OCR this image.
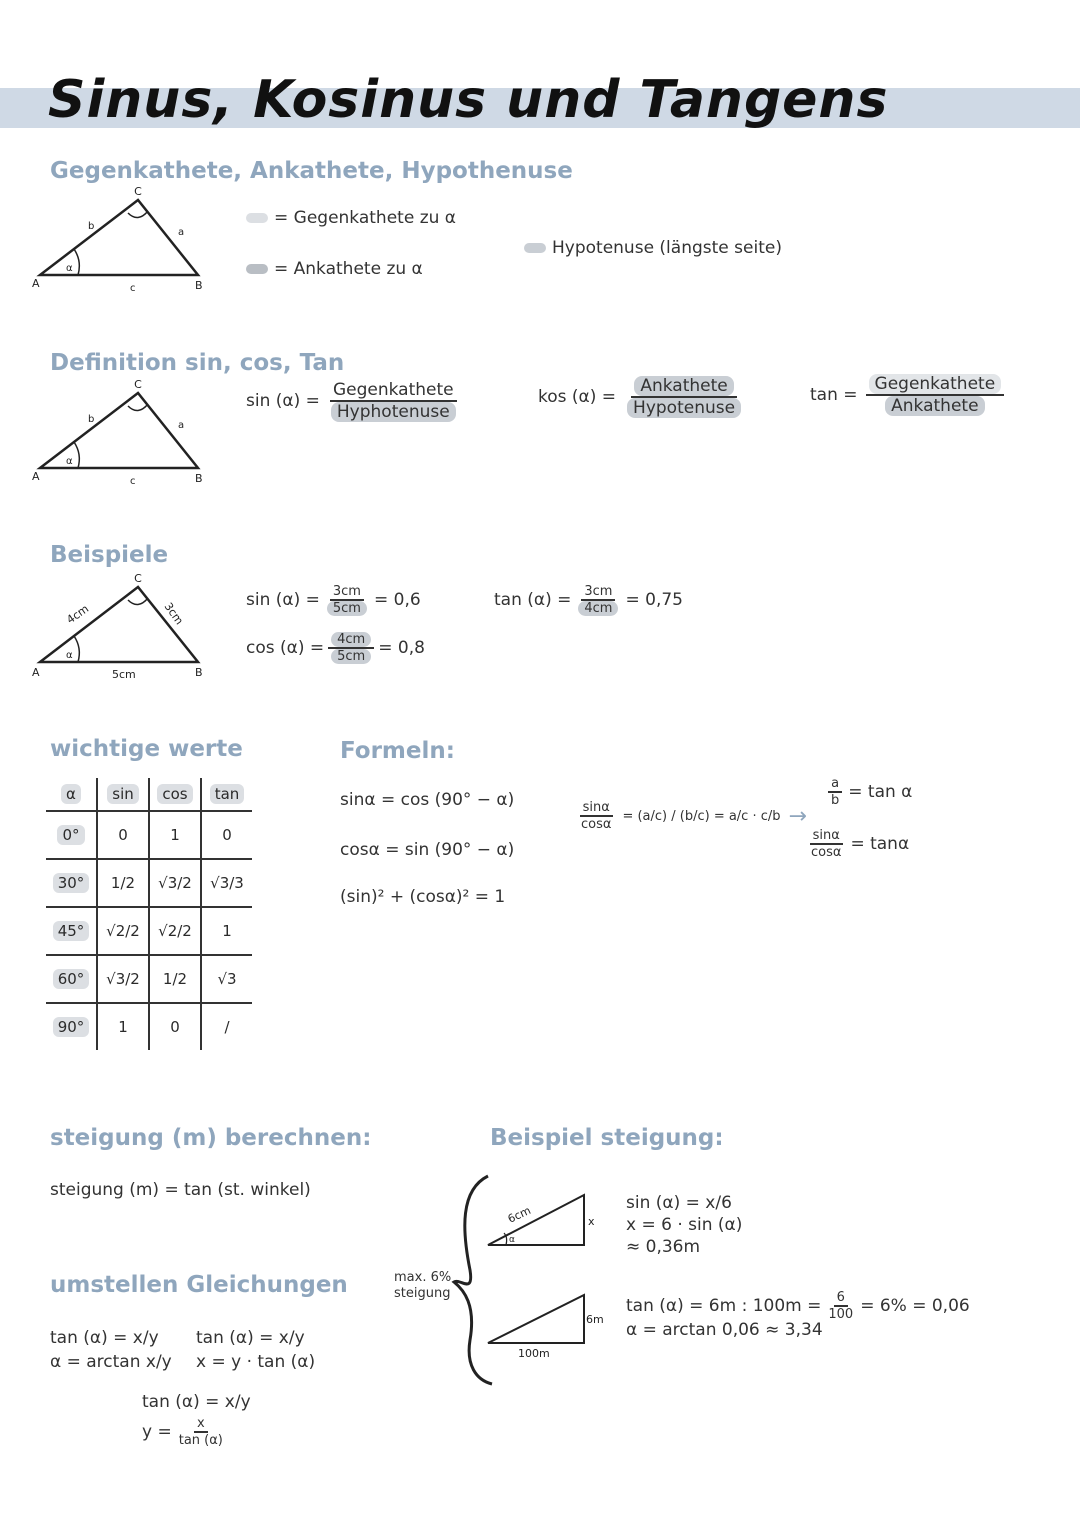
Sinus, Kosinus und Tangens
Gegenkathete, Ankathete, Hypothenuse
C
A	B
b
a
c
α
= Gegenkathete zu α
= Ankathete zu α
Hypotenuse (längste seite)
Definition sin, cos, Tan
C
A	B
b
a
c
α
$\sin (\alpha) = \frac{\text{Gegenkathete}}{\text{Hyphotenuse}}$	kos $(\alpha) = \frac{\text{Ankathete}}{\text{Hypotenuse}}$	$\tan = \frac{\text{Gegenkathete}}{\text{Ankathete}}$
Beispiele
C
A	B
4cm	3cm
5cm
α
$\sin (\alpha) = \frac{3cm}{5cm} = 0,6$
$\cos (\alpha) = \frac{4cm}{5cm} = 0,8$
$\tan (\alpha) = \frac{3cm}{4cm} = 0,75$
wichtige werte
α	sin	cos	tan
0°	0	1	0
30°	1/2	√3/2	√3/3
45°	√2/2	√2/2	1
60°	√3/2	1/2	√3
90°	1	0	/
Formeln:
sinα = cos (90° − α)
cosα = sin (90° − α)
(sin)² + (cosα)² = 1
$\frac{\sin\alpha}{\cos\alpha} = (a/c) / (b/c) = a/c \cdot c/b$ →
$\frac{a}{b} = \tan \alpha$
$\frac{\sin\alpha}{\cos\alpha} = \tan\alpha$
steigung (m) berechnen:
steigung (m) = tan (st. winkel)
umstellen Gleichungen
tan (α) = x/y
α = arctan x/y
tan (α) = x/y
x = y · tan (α)
tan (α) = x/y
$y = \frac{x}{\tan (\alpha)}$
Beispiel steigung:
max. 6%
steigung
6cm	x
α
6m
100m
sin (α) = x/6
x = 6 · sin (α)
≈ 0,36m
tan (α) = 6m : $100m = \frac{6}{100} = 6\% = 0,06$
α = arctan 0,06 ≈ 3,34
